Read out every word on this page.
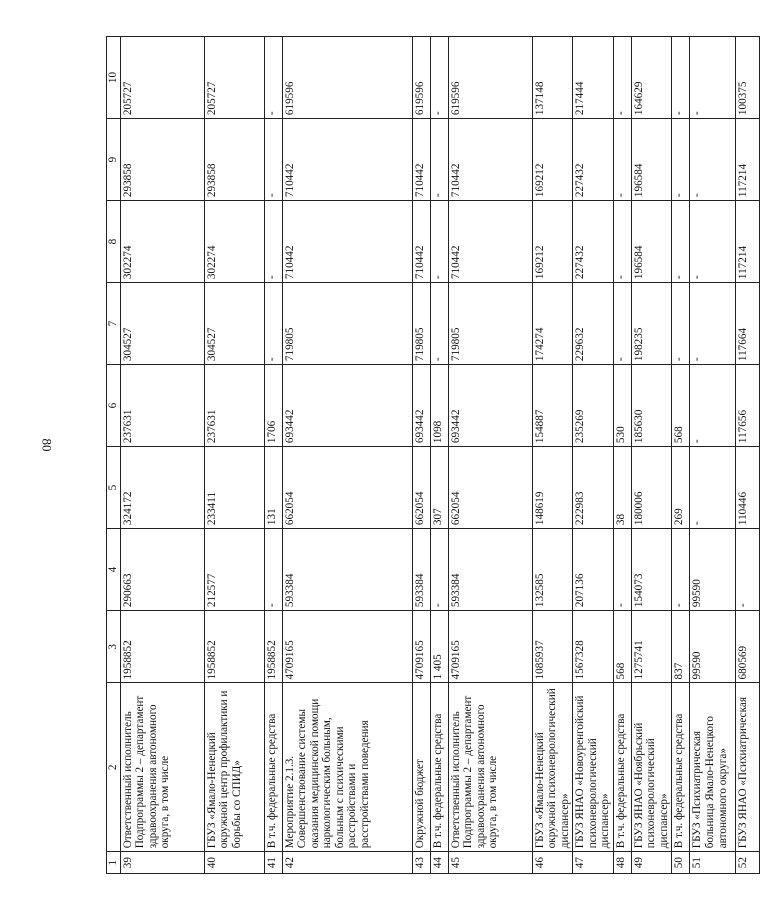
80
1	2	3	4	5	6	7	8	9	10
39	Ответственный исполнитель Подпрограммы 2 – департамент здравоохранения автономного округа, в том числе	1958852	290663	324172	237631	304527	302274	293858	205727
40	ГБУЗ «Ямало-Ненецкий окружной центр профилактики и борьбы со СПИД»	1958852	212577	233411	237631	304527	302274	293858	205727
41	В т.ч. федеральные средства	1958852	-	131	1706	-	-	-	-
42	Мероприятие 2.1.3. Совершенствование системы оказания медицинской помощи наркологическим больным, больным с психическими расстройствами и расстройствами поведения	4709165	593384	662054	693442	719805	710442	710442	619596
43	Окружной бюджет	4709165	593384	662054	693442	719805	710442	710442	619596
44	В т.ч. федеральные средства	1 405	-	307	1098	-	-	-	-
45	Ответственный исполнитель Подпрограммы 2 – департамент здравоохранения автономного округа, в том числе	4709165	593384	662054	693442	719805	710442	710442	619596
46	ГБУЗ «Ямало-Ненецкий окружной психоневрологический диспансер»	1085937	132585	148619	154887	174274	169212	169212	137148
47	ГБУЗ ЯНАО «Новоуренгойский психоневрологический диспансер»	1567328	207136	222983	235269	229632	227432	227432	217444
48	В т.ч. федеральные средства	568	-	38	530	-	-	-	-
49	ГБУЗ ЯНАО «Ноябрьский психоневрологический диспансер»	1275741	154073	180006	185630	198235	196584	196584	164629
50	В т.ч. федеральные средства	837	-	269	568	-	-	-	-
51	ГБУЗ «Психиатрическая больница Ямало-Ненецкого автономного округа»	99590	99590	-	-	-	-	-	-
52	ГБУЗ ЯНАО «Психиатрическая	680569	-	110446	117656	117664	117214	117214	100375
